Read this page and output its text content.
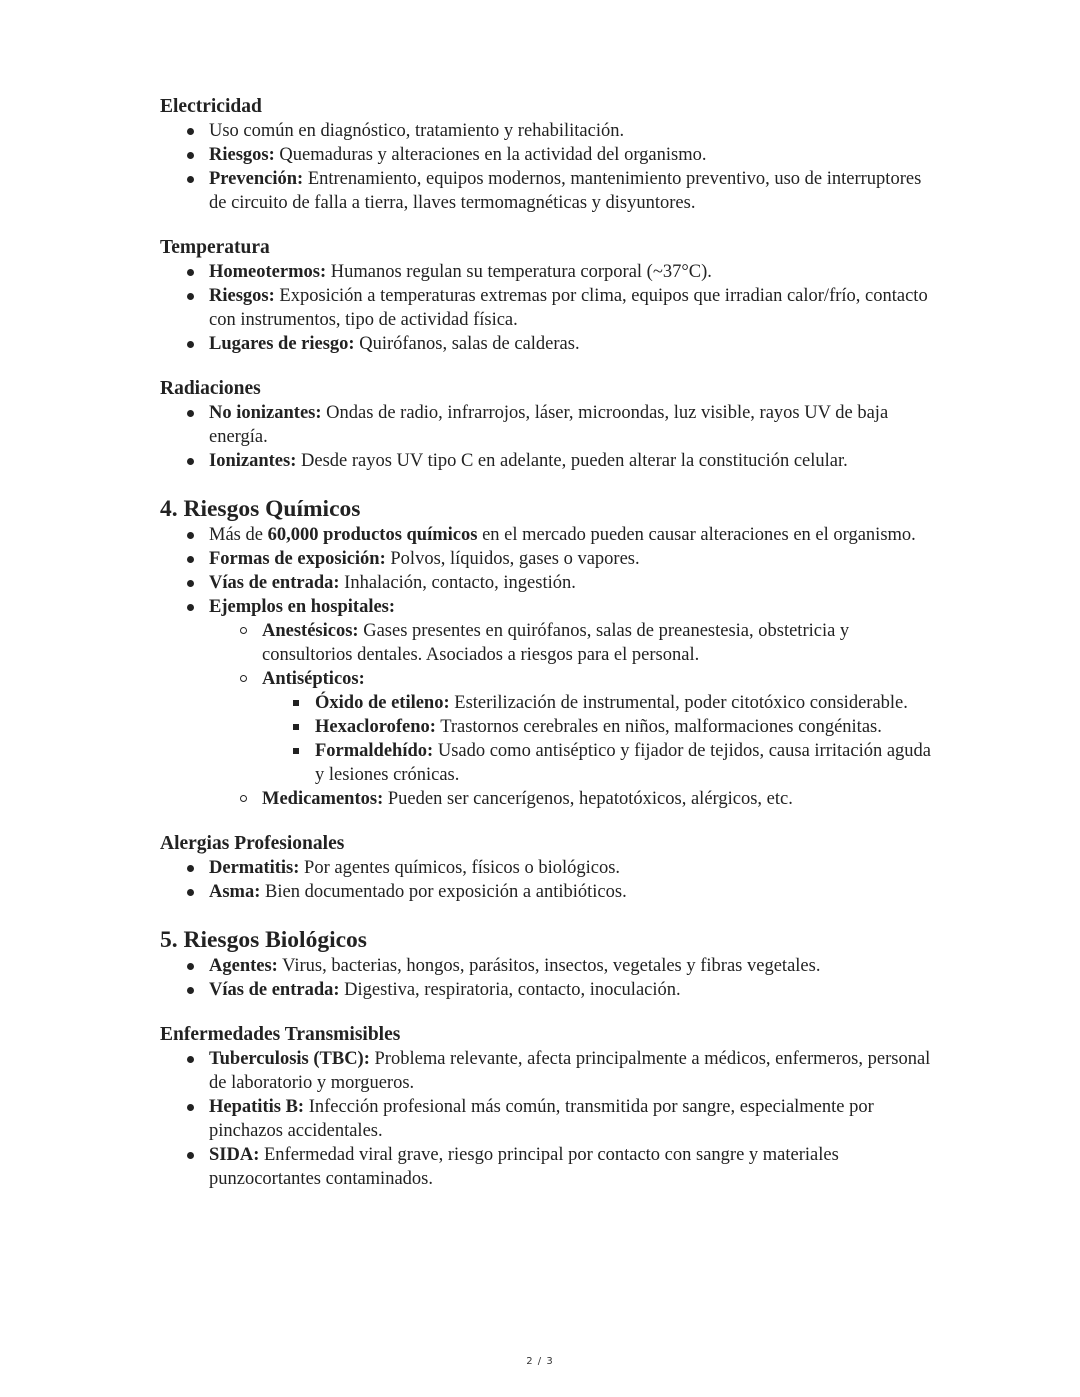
Electricidad
Uso común en diagnóstico, tratamiento y rehabilitación.
Riesgos: Quemaduras y alteraciones en la actividad del organismo.
Prevención: Entrenamiento, equipos modernos, mantenimiento preventivo, uso de interruptores de circuito de falla a tierra, llaves termomagnéticas y disyuntores.
Temperatura
Homeotermos: Humanos regulan su temperatura corporal (~37°C).
Riesgos: Exposición a temperaturas extremas por clima, equipos que irradian calor/frío, contacto con instrumentos, tipo de actividad física.
Lugares de riesgo: Quirófanos, salas de calderas.
Radiaciones
No ionizantes: Ondas de radio, infrarrojos, láser, microondas, luz visible, rayos UV de baja energía.
Ionizantes: Desde rayos UV tipo C en adelante, pueden alterar la constitución celular.
4. Riesgos Químicos
Más de 60,000 productos químicos en el mercado pueden causar alteraciones en el organismo.
Formas de exposición: Polvos, líquidos, gases o vapores.
Vías de entrada: Inhalación, contacto, ingestión.
Ejemplos en hospitales:
Anestésicos: Gases presentes en quirófanos, salas de preanestesia, obstetricia y consultorios dentales. Asociados a riesgos para el personal.
Antisépticos:
Óxido de etileno: Esterilización de instrumental, poder citotóxico considerable.
Hexaclorofeno: Trastornos cerebrales en niños, malformaciones congénitas.
Formaldehído: Usado como antiséptico y fijador de tejidos, causa irritación aguda y lesiones crónicas.
Medicamentos: Pueden ser cancerígenos, hepatotóxicos, alérgicos, etc.
Alergias Profesionales
Dermatitis: Por agentes químicos, físicos o biológicos.
Asma: Bien documentado por exposición a antibióticos.
5. Riesgos Biológicos
Agentes: Virus, bacterias, hongos, parásitos, insectos, vegetales y fibras vegetales.
Vías de entrada: Digestiva, respiratoria, contacto, inoculación.
Enfermedades Transmisibles
Tuberculosis (TBC): Problema relevante, afecta principalmente a médicos, enfermeros, personal de laboratorio y morgueros.
Hepatitis B: Infección profesional más común, transmitida por sangre, especialmente por pinchazos accidentales.
SIDA: Enfermedad viral grave, riesgo principal por contacto con sangre y materiales punzocortantes contaminados.
2 / 3
